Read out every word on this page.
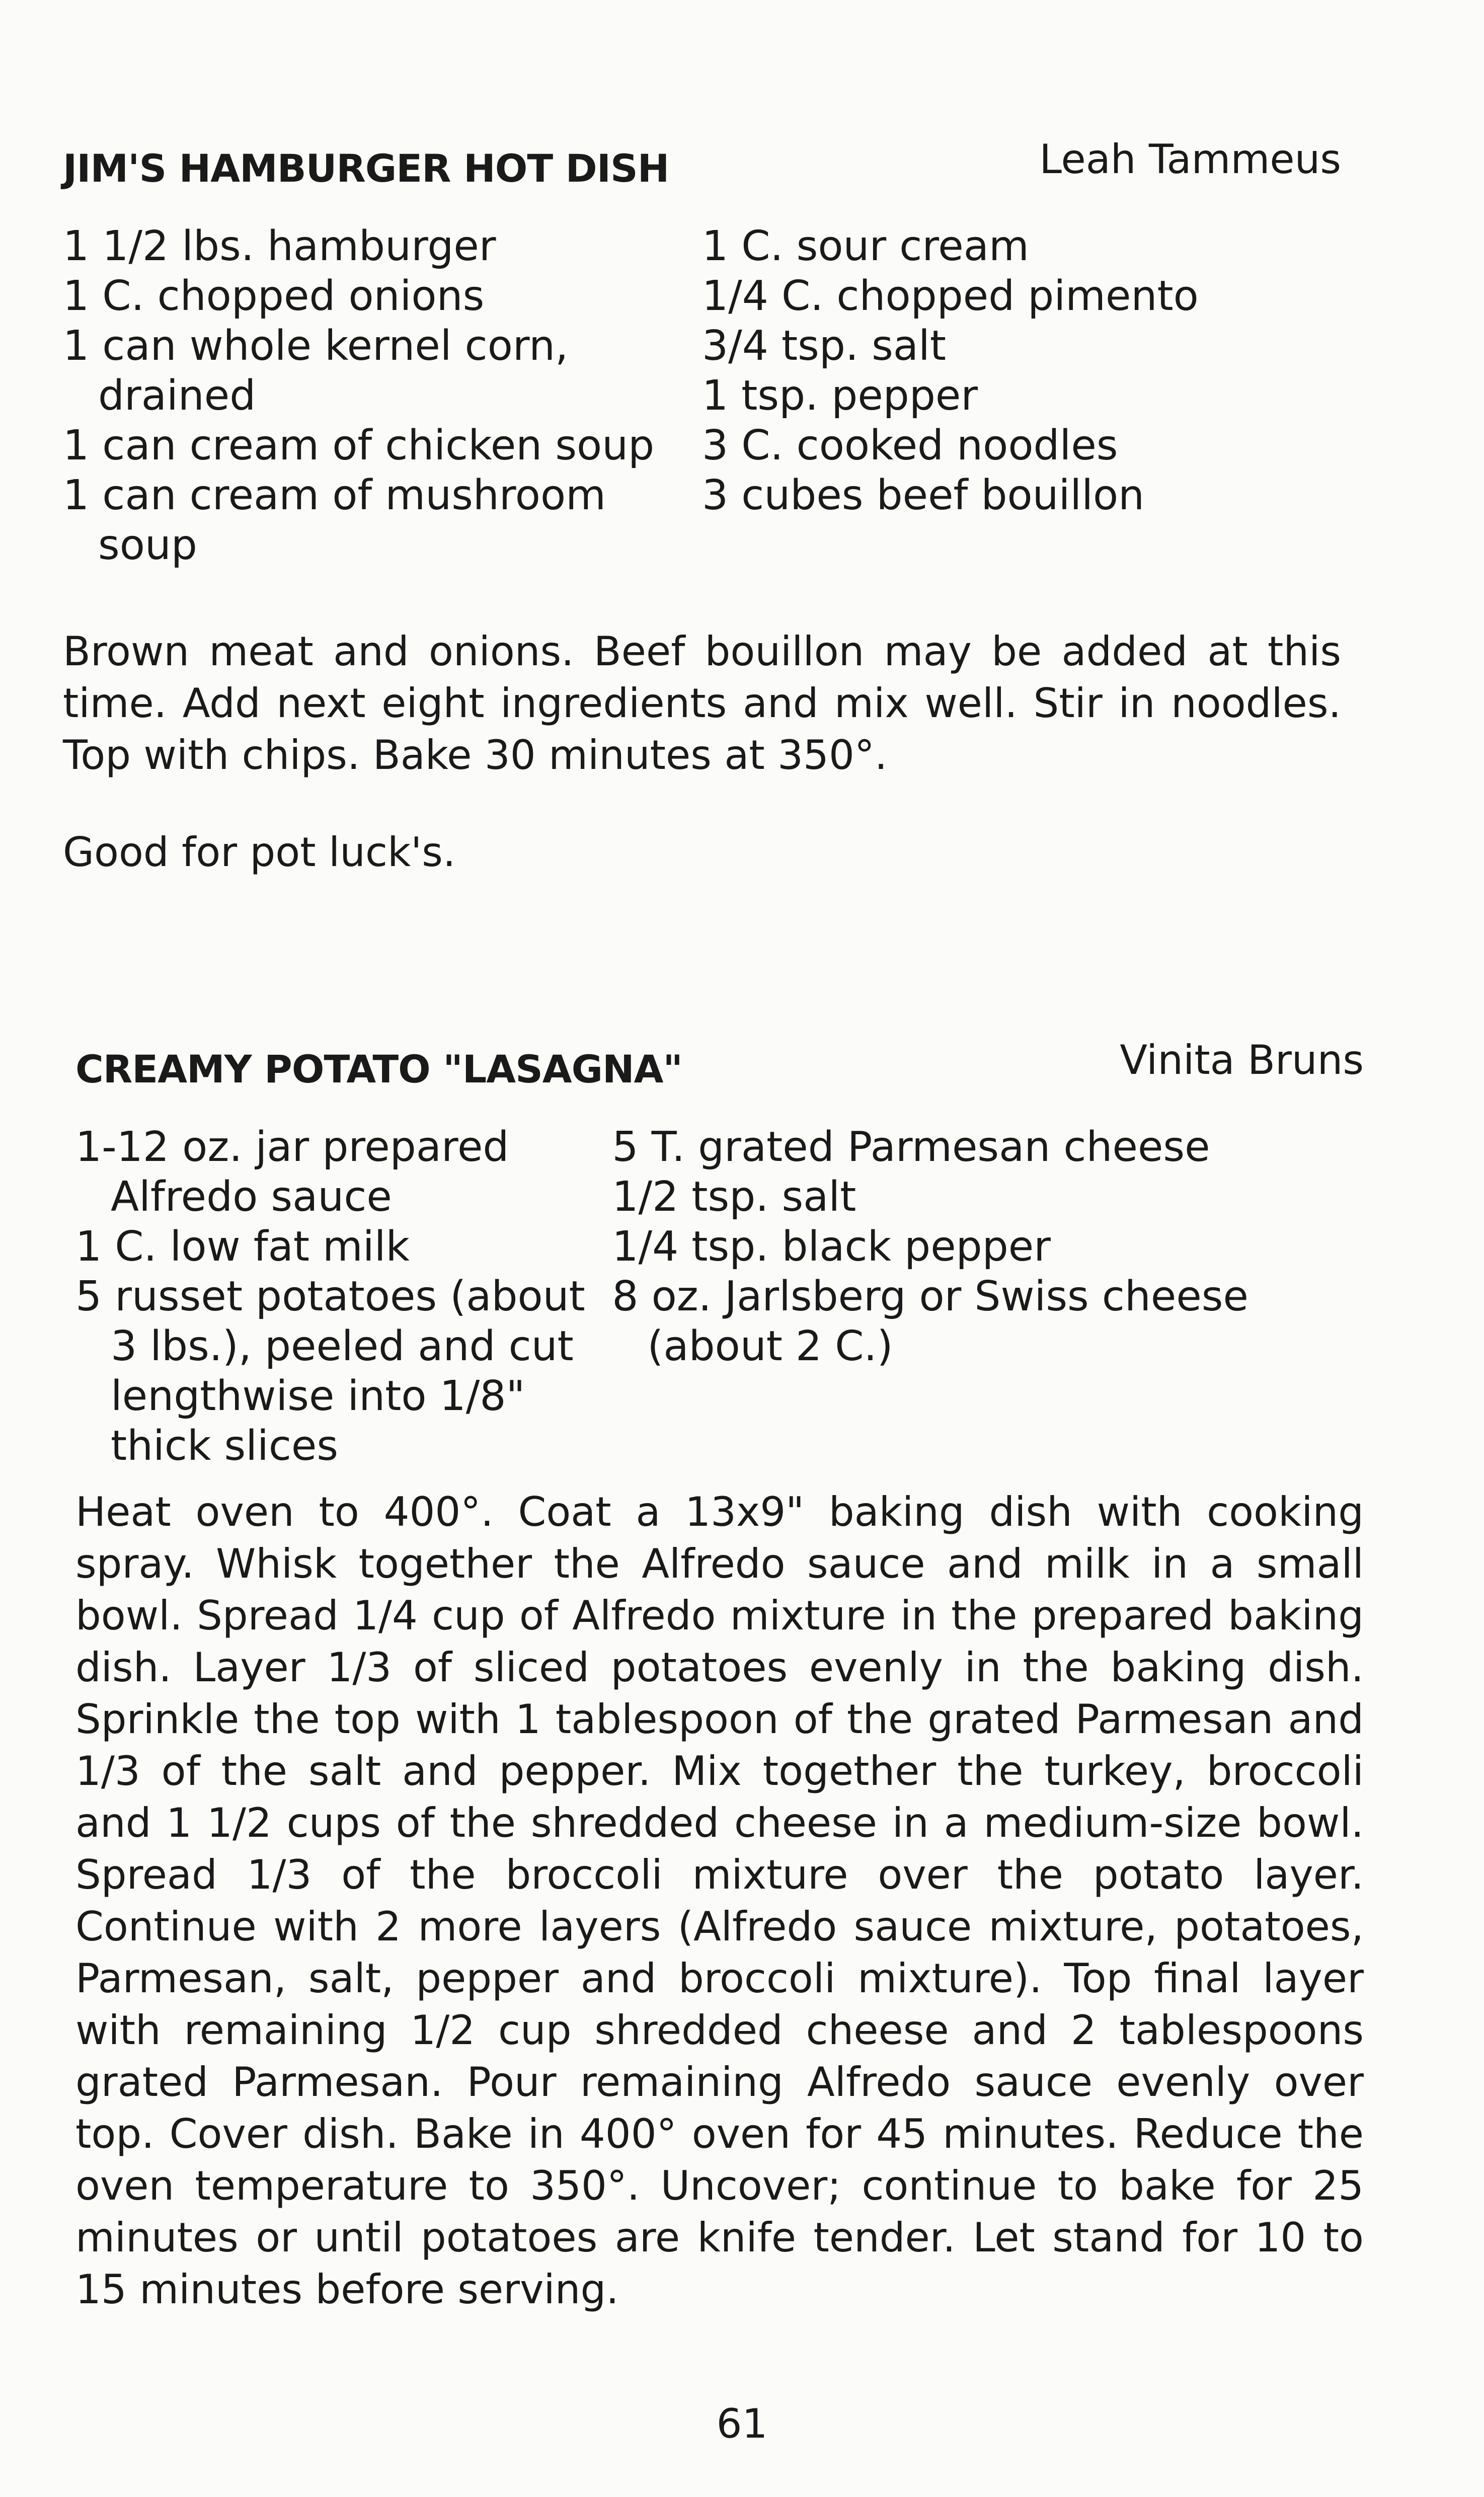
JIM'S HAMBURGER HOT DISH	Leah Tammeus
1 1/2 lbs. hamburger
1 C. chopped onions
1 can whole kernel corn, drained
1 can cream of chicken soup
1 can cream of mushroom soup
1 C. sour cream
1/4 C. chopped pimento
3/4 tsp. salt
1 tsp. pepper
3 C. cooked noodles
3 cubes beef bouillon

Brown meat and onions. Beef bouillon may be added at this time. Add next eight ingredients and mix well. Stir in noodles. Top with chips. Bake 30 minutes at 350°.

Good for pot luck's.

CREAMY POTATO "LASAGNA"	Vinita Bruns
1-12 oz. jar prepared Alfredo sauce
1 C. low fat milk
5 russet potatoes (about 3 lbs.), peeled and cut lengthwise into 1/8" thick slices
5 T. grated Parmesan cheese
1/2 tsp. salt
1/4 tsp. black pepper
8 oz. Jarlsberg or Swiss cheese (about 2 C.)

Heat oven to 400°. Coat a 13x9" baking dish with cooking spray. Whisk together the Alfredo sauce and milk in a small bowl. Spread 1/4 cup of Alfredo mixture in the prepared baking dish. Layer 1/3 of sliced potatoes evenly in the baking dish. Sprinkle the top with 1 tablespoon of the grated Parmesan and 1/3 of the salt and pepper. Mix together the turkey, broccoli and 1 1/2 cups of the shredded cheese in a medium-size bowl. Spread 1/3 of the broccoli mixture over the potato layer. Continue with 2 more layers (Alfredo sauce mixture, potatoes, Parmesan, salt, pepper and broccoli mixture). Top final layer with remaining 1/2 cup shredded cheese and 2 tablespoons grated Parmesan. Pour remaining Alfredo sauce evenly over top. Cover dish. Bake in 400° oven for 45 minutes. Reduce the oven temperature to 350°. Uncover; continue to bake for 25 minutes or until potatoes are knife tender. Let stand for 10 to 15 minutes before serving.

61
